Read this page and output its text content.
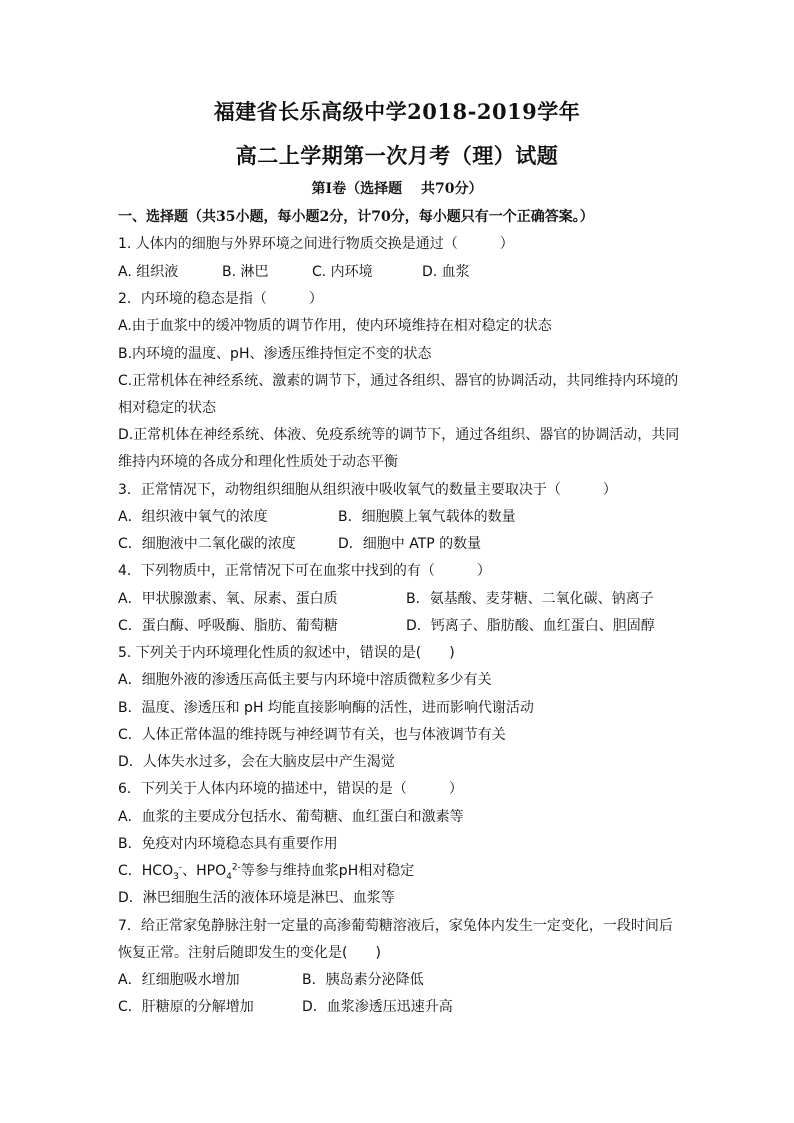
福建省长乐高级中学2018-2019学年
高二上学期第一次月考（理）试题
第Ⅰ卷（选择题　 共70分）
一、选择题（共35小题，每小题2分，计70分，每小题只有一个正确答案。）
1. 人体内的细胞与外界环境之间进行物质交换是通过（　　　）
A. 组织液	B. 淋巴	C. 内环境	D. 血浆
2．内环境的稳态是指（　　　）
A.由于血浆中的缓冲物质的调节作用，使内环境维持在相对稳定的状态
B.内环境的温度、pH、渗透压维持恒定不变的状态
C.正常机体在神经系统、激素的调节下，通过各组织、器官的协调活动，共同维持内环境的
相对稳定的状态
D.正常机体在神经系统、体液、免疫系统等的调节下，通过各组织、器官的协调活动，共同
维持内环境的各成分和理化性质处于动态平衡
3．正常情况下，动物组织细胞从组织液中吸收氧气的数量主要取决于（　　　）
A．组织液中氧气的浓度	B．细胞膜上氧气载体的数量
C．细胞液中二氧化碳的浓度	D．细胞中 ATP 的数量
4．下列物质中，正常情况下可在血浆中找到的有（　　　）
A．甲状腺激素、氧、尿素、蛋白质	B．氨基酸、麦芽糖、二氧化碳、钠离子
C．蛋白酶、呼吸酶、脂肪、葡萄糖	D．钙离子、脂肪酸、血红蛋白、胆固醇
5. 下列关于内环境理化性质的叙述中，错误的是(　　)
A．细胞外液的渗透压高低主要与内环境中溶质微粒多少有关
B．温度、渗透压和 pH 均能直接影响酶的活性，进而影响代谢活动
C．人体正常体温的维持既与神经调节有关，也与体液调节有关
D．人体失水过多，会在大脑皮层中产生渴觉
6．下列关于人体内环境的描述中，错误的是（　　　）
A．血浆的主要成分包括水、葡萄糖、血红蛋白和激素等
B．免疫对内环境稳态具有重要作用
C．$HCO_3^-$、$HPO_4^{2-}$等参与维持血浆pH相对稳定
D．淋巴细胞生活的液体环境是淋巴、血浆等
7．给正常家兔静脉注射一定量的高渗葡萄糖溶液后，家兔体内发生一定变化，一段时间后
恢复正常。注射后随即发生的变化是(　　)
A．红细胞吸水增加	B．胰岛素分泌降低
C．肝糖原的分解增加	D．血浆渗透压迅速升高
